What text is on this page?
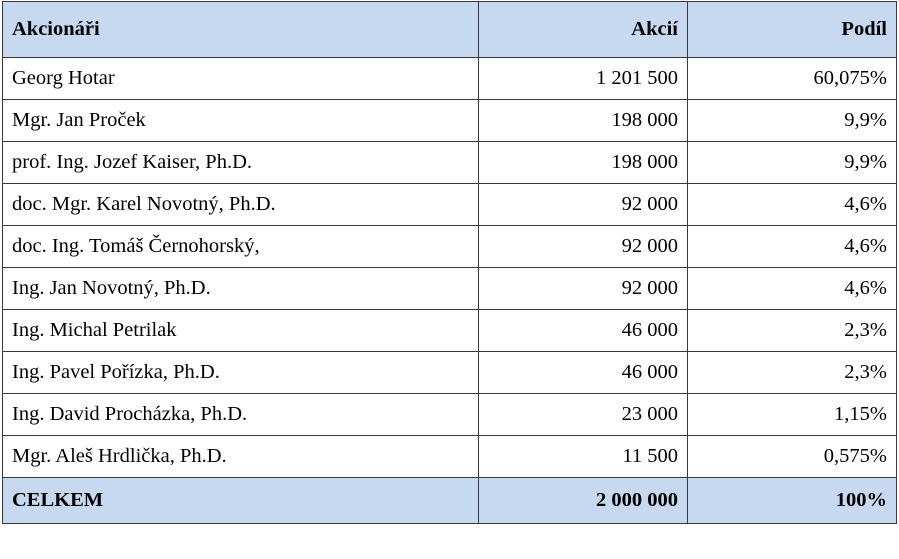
Akcionáři	Akcií	Podíl
Georg Hotar	1 201 500	60,075%
Mgr. Jan Proček	198 000	9,9%
prof. Ing. Jozef Kaiser, Ph.D.	198 000	9,9%
doc. Mgr. Karel Novotný, Ph.D.	92 000	4,6%
doc. Ing. Tomáš Černohorský,	92 000	4,6%
Ing. Jan Novotný, Ph.D.	92 000	4,6%
Ing. Michal Petrilak	46 000	2,3%
Ing. Pavel Pořízka, Ph.D.	46 000	2,3%
Ing. David Procházka, Ph.D.	23 000	1,15%
Mgr. Aleš Hrdlička, Ph.D.	11 500	0,575%
CELKEM	2 000 000	100%
